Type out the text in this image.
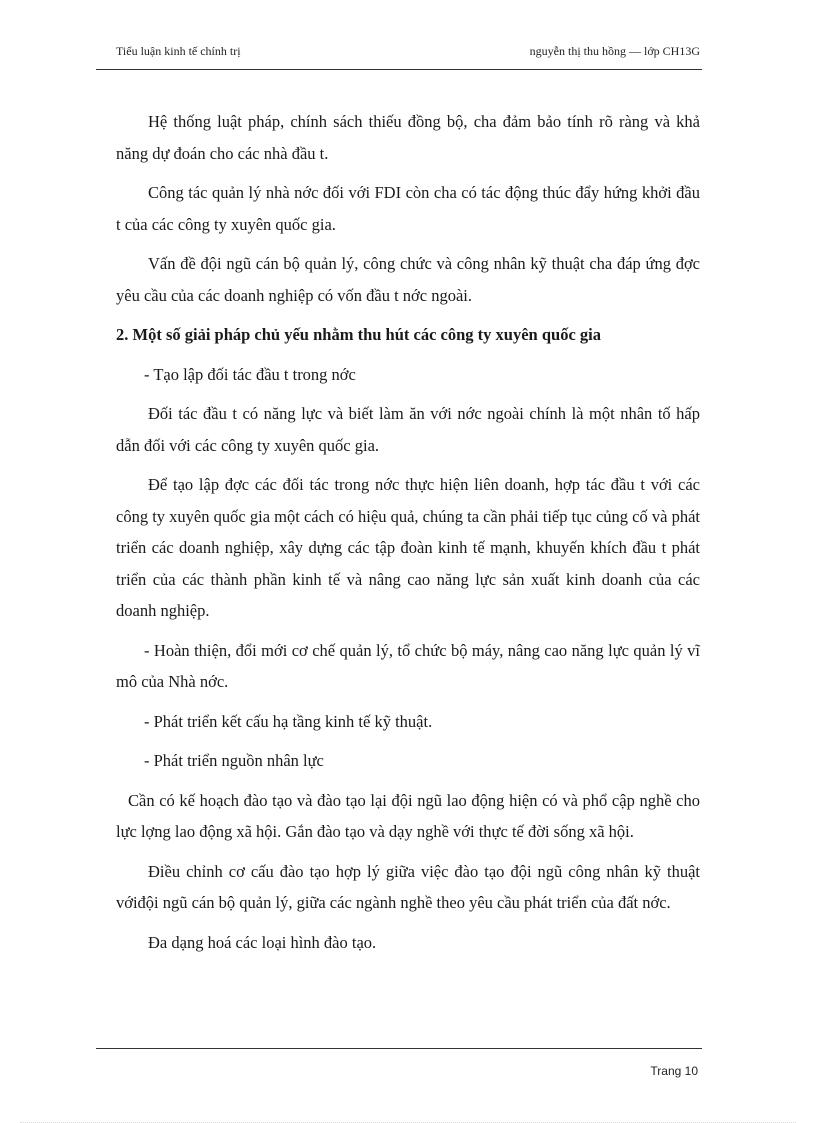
Tiểu luận kinh tế chính trị	nguyễn thị thu hồng — lớp CH13G

Hệ thống luật pháp, chính sách thiếu đồng bộ, cha đảm bảo tính rõ ràng và khả năng dự đoán cho các nhà đầu t.

Công tác quản lý nhà nớc đối với FDI còn cha có tác động thúc đẩy hứng khởi đầu t của các công ty xuyên quốc gia.

Vấn đề đội ngũ cán bộ quản lý, công chức và công nhân kỹ thuật cha đáp ứng đợc yêu cầu của các doanh nghiệp có vốn đầu t nớc ngoài.

2. Một số giải pháp chủ yếu nhằm thu hút các công ty xuyên quốc gia

- Tạo lập đối tác đầu t trong nớc

Đối tác đầu t có năng lực và biết làm ăn với nớc ngoài chính là một nhân tố hấp dẫn đối với các công ty xuyên quốc gia.

Để tạo lập đợc các đối tác trong nớc thực hiện liên doanh, hợp tác đầu t với các công ty xuyên quốc gia một cách có hiệu quả, chúng ta cần phải tiếp tục củng cố và phát triển các doanh nghiệp, xây dựng các tập đoàn kinh tế mạnh, khuyến khích đầu t phát triển của các thành phần kinh tế và nâng cao năng lực sản xuất kinh doanh của các doanh nghiệp.

- Hoàn thiện, đổi mới cơ chế quản lý, tổ chức bộ máy, nâng cao năng lực quản lý vĩ mô của Nhà nớc.

- Phát triển kết cấu hạ tầng kinh tế kỹ thuật.

- Phát triển nguồn nhân lực

Cần có kế hoạch đào tạo và đào tạo lại đội ngũ lao động hiện có và phổ cập nghề cho lực lợng lao động xã hội. Gắn đào tạo và dạy nghề với thực tế đời sống xã hội.

Điều chỉnh cơ cấu đào tạo hợp lý giữa việc đào tạo đội ngũ công nhân kỹ thuật vớiđội ngũ cán bộ quản lý, giữa các ngành nghề theo yêu cầu phát triển của đất nớc.

Đa dạng hoá các loại hình đào tạo.

Trang 10
